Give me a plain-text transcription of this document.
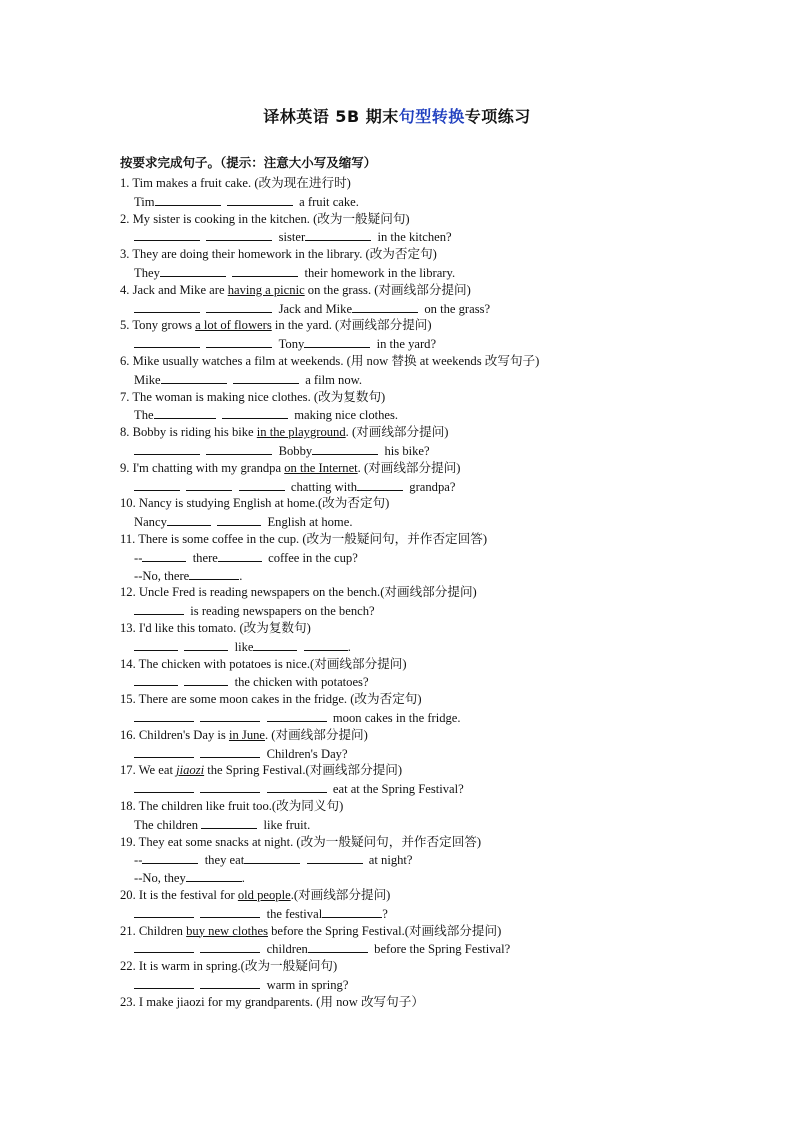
译林英语 5B 期末句型转换专项练习
按要求完成句子。（提示：注意大小写及缩写）
1. Tim makes a fruit cake. (改为现在进行时)
Tim	a fruit cake.
2. My sister is cooking in the kitchen. (改为一般疑问句)
sister	in the kitchen?
3. They are doing their homework in the library. (改为否定句)
They	their homework in the library.
4. Jack and Mike are having a picnic on the grass. (对画线部分提问)
Jack and Mike	on the grass?
5. Tony grows a lot of flowers in the yard. (对画线部分提问)
Tony	in the yard?
6. Mike usually watches a film at weekends. (用 now 替换 at weekends 改写句子)
Mike	a film now.
7. The woman is making nice clothes. (改为复数句)
The	making nice clothes.
8. Bobby is riding his bike in the playground. (对画线部分提问)
Bobby	his bike?
9. I'm chatting with my grandpa on the Internet. (对画线部分提问)
chatting with	grandpa?
10. Nancy is studying English at home.(改为否定句)
Nancy	English at home.
11. There is some coffee in the cup. (改为一般疑问句，并作否定回答)
--	there	coffee in the cup?
--No, there	.
12. Uncle Fred is reading newspapers on the bench.(对画线部分提问)
is reading newspapers on the bench?
13. I'd like this tomato. (改为复数句)
like	.
14. The chicken with potatoes is nice.(对画线部分提问)
the chicken with potatoes?
15. There are some moon cakes in the fridge. (改为否定句)
moon cakes in the fridge.
16. Children's Day is in June. (对画线部分提问)
Children's Day?
17. We eat jiaozi the Spring Festival.(对画线部分提问)
eat at the Spring Festival?
18. The children like fruit too.(改为同义句)
The children	like fruit.
19. They eat some snacks at night. (改为一般疑问句，并作否定回答)
--	they eat	at night?
--No, they	.
20. It is the festival for old people.(对画线部分提问)
the festival	?
21. Children buy new clothes before the Spring Festival.(对画线部分提问)
children	before the Spring Festival?
22. It is warm in spring.(改为一般疑问句)
warm in spring?
23. I make jiaozi for my grandparents. (用 now 改写句子）
